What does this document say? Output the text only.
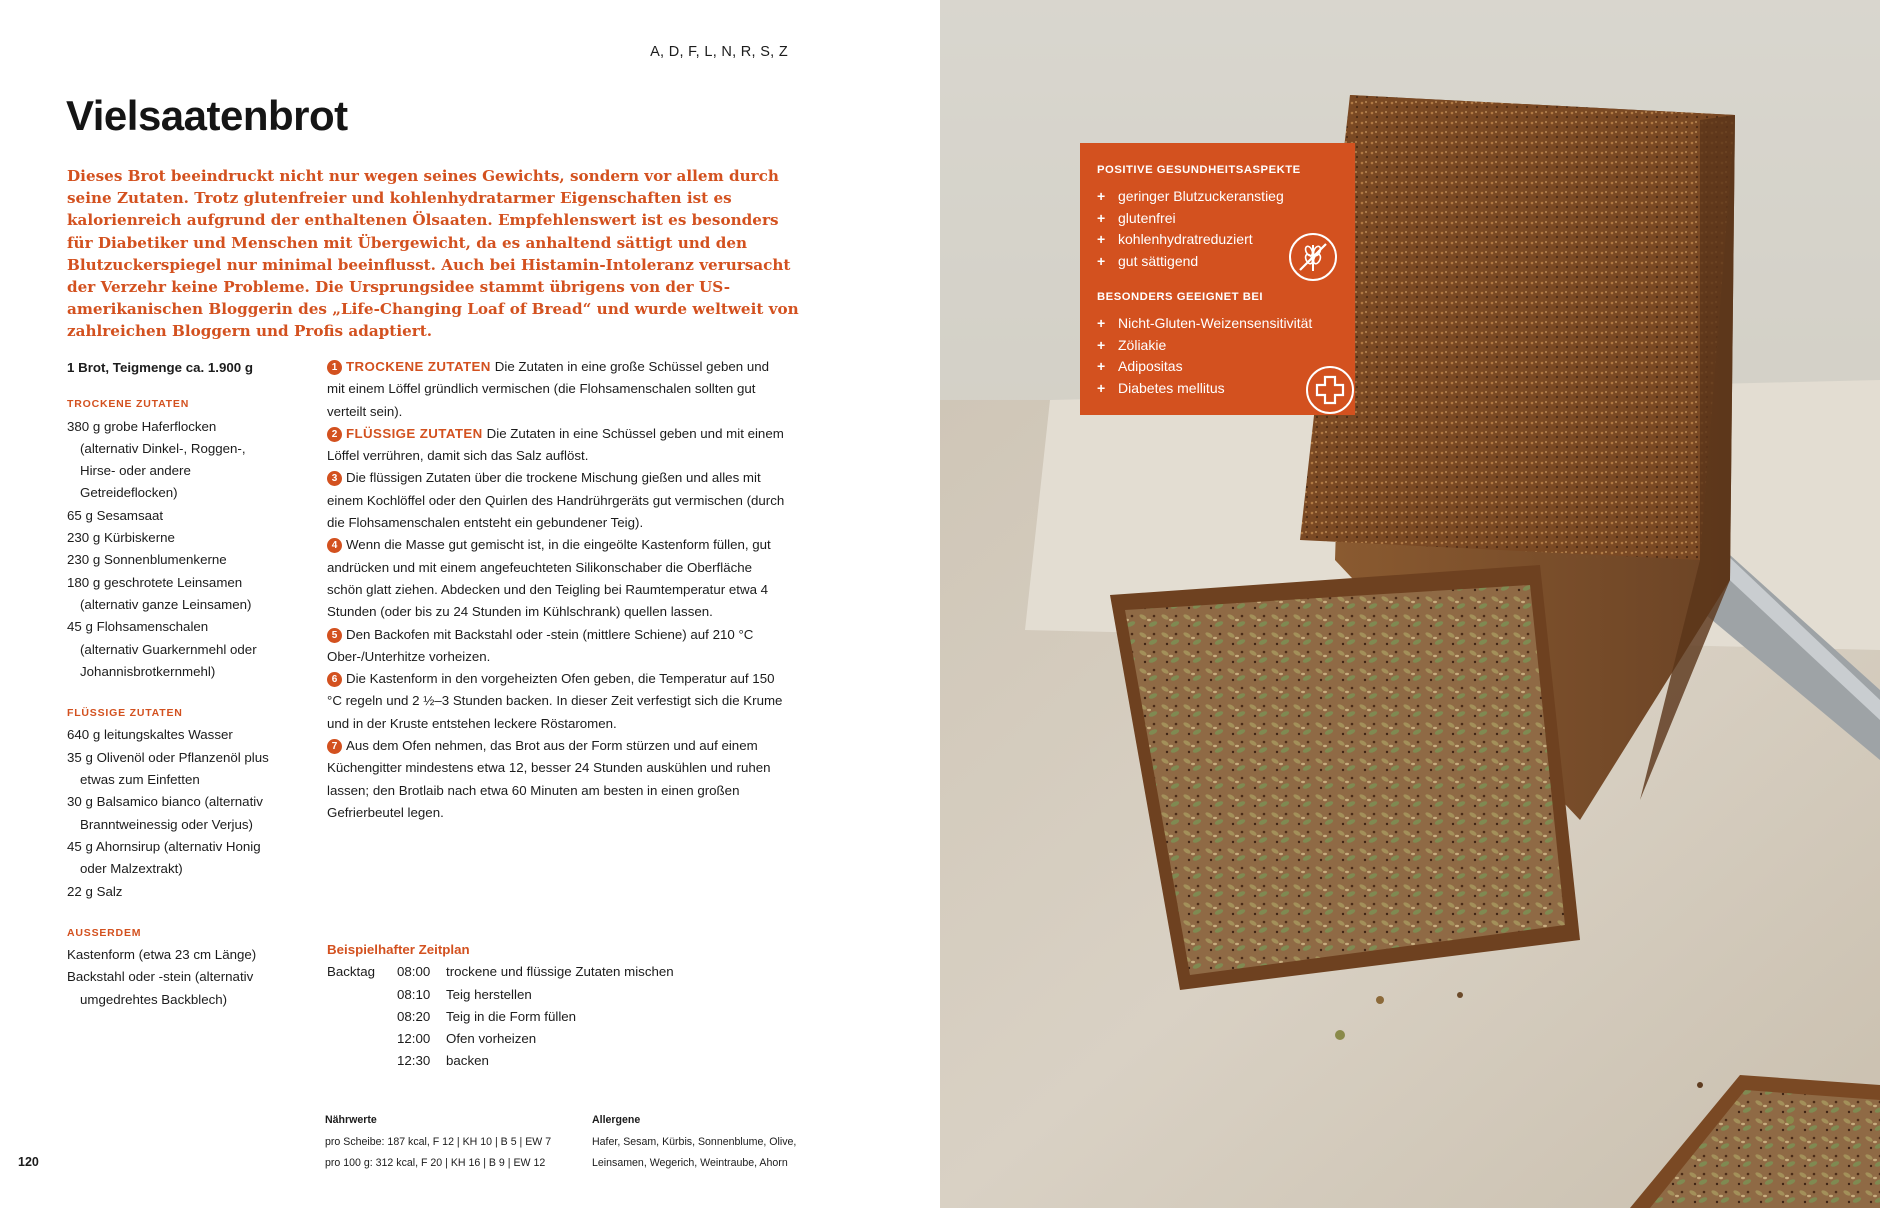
A, D, F, L, N, R, S, Z
Vielsaatenbrot

Dieses Brot beeindruckt nicht nur wegen seines Gewichts, sondern vor allem durch seine Zutaten. Trotz glutenfreier und kohlenhydratarmer Eigenschaften ist es kalorienreich aufgrund der enthaltenen Ölsaaten. Empfehlenswert ist es besonders für Diabetiker und Menschen mit Übergewicht, da es anhaltend sättigt und den Blutzuckerspiegel nur minimal beeinflusst. Auch bei Histamin-Intoleranz verursacht der Verzehr keine Probleme. Die Ursprungsidee stammt übrigens von der US-amerikanischen Bloggerin des „Life-Changing Loaf of Bread“ und wurde weltweit von zahlreichen Bloggern und Profis adaptiert.

1 Brot, Teigmenge ca. 1.900 g
TROCKENE ZUTATEN
380 g grobe Haferflocken
(alternativ Dinkel-, Roggen-,
Hirse- oder andere
Getreideflocken)
65 g Sesamsaat
230 g Kürbiskerne
230 g Sonnenblumenkerne
180 g geschrotete Leinsamen
(alternativ ganze Leinsamen)
45 g Flohsamenschalen
(alternativ Guarkernmehl oder
Johannisbrotkernmehl)
FLÜSSIGE ZUTATEN
640 g leitungskaltes Wasser
35 g Olivenöl oder Pflanzenöl plus
etwas zum Einfetten
30 g Balsamico bianco (alternativ
Branntweinessig oder Verjus)
45 g Ahornsirup (alternativ Honig
oder Malzextrakt)
22 g Salz
AUSSERDEM
Kastenform (etwa 23 cm Länge)
Backstahl oder -stein (alternativ
umgedrehtes Backblech)

1 TROCKENE ZUTATEN Die Zutaten in eine große Schüssel geben und mit einem Löffel gründlich vermischen (die Flohsamenschalen sollten gut verteilt sein).

2 FLÜSSIGE ZUTATEN Die Zutaten in eine Schüssel geben und mit einem Löffel verrühren, damit sich das Salz auflöst.

3 Die flüssigen Zutaten über die trockene Mischung gießen und alles mit einem Kochlöffel oder den Quirlen des Handrührgeräts gut vermischen (durch die Flohsamenschalen entsteht ein gebundener Teig).

4 Wenn die Masse gut gemischt ist, in die eingeölte Kastenform füllen, gut andrücken und mit einem angefeuchteten Silikonschaber die Oberfläche schön glatt ziehen. Abdecken und den Teigling bei Raumtemperatur etwa 4 Stunden (oder bis zu 24 Stunden im Kühlschrank) quellen lassen.

5 Den Backofen mit Backstahl oder -stein (mittlere Schiene) auf 210 °C Ober-/Unterhitze vorheizen.

6 Die Kastenform in den vorgeheizten Ofen geben, die Temperatur auf 150 °C regeln und 2 ½–3 Stunden backen. In dieser Zeit verfestigt sich die Krume und in der Kruste entstehen leckere Röstaromen.

7 Aus dem Ofen nehmen, das Brot aus der Form stürzen und auf einem Küchengitter mindestens etwa 12, besser 24 Stunden auskühlen und ruhen lassen; den Brotlaib nach etwa 60 Minuten am besten in einen großen Gefrierbeutel legen.

Beispielhafter Zeitplan
Backtag	08:00	trockene und flüssige Zutaten mischen
08:10	Teig herstellen
08:20	Teig in die Form füllen
12:00	Ofen vorheizen
12:30	backen
Nährwerte
pro Scheibe: 187 kcal, F 12 | KH 10 | B 5 | EW 7
pro 100 g: 312 kcal, F 20 | KH 16 | B 9 | EW 12
Allergene
Hafer, Sesam, Kürbis, Sonnenblume, Olive,
Leinsamen, Wegerich, Weintraube, Ahorn
120
POSITIVE GESUNDHEITSASPEKTE
+ geringer Blutzuckeranstieg
+ glutenfrei
+ kohlenhydratreduziert
+ gut sättigend
BESONDERS GEEIGNET BEI
+ Nicht-Gluten-Weizensensitivität
+ Zöliakie
+ Adipositas
+ Diabetes mellitus
